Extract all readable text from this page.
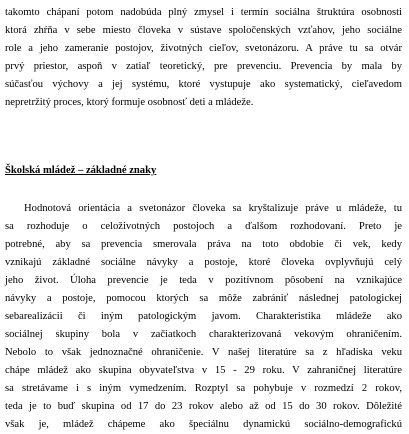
takomto chápaní potom nadobúda plný zmysel i termín sociálna štruktúra osobnosti
ktorá zhŕňa v sebe miesto človeka v sústave spoločenských vzťahov, jeho sociálne
role a jeho zameranie postojov, životných cieľov, svetonázoru. A práve tu sa otvár
prvý priestor, aspoň v zatiaľ teoretický, pre prevenciu. Prevencia by mala by
súčasťou výchovy a jej systému, ktoré vystupuje ako systematický, cieľavedom
nepretržitý proces, ktorý formuje osobnosť deti a mládeže.
Školská mládež – základné znaky
Hodnotová orientácia a svetonázor človeka sa kryštalizuje práve u mládeže, tu
sa rozhoduje o celoživotných postojoch a ďalšom rozhodovaní. Preto je
potrebné, aby sa prevencia smerovala práva na toto obdobie či vek, kedy
vznikajú základné sociálne návyky a postoje, ktoré človeka ovplyvňujú celý
jeho život. Úloha prevencie je teda v pozitívnom pôsobení na vznikajúce
návyky a postoje, pomocou ktorých sa môže zabrániť následnej patologickej
sebarealizácii či iným patologickým javom. Charakteristika mládeže ako
sociálnej skupiny bola v začiatkoch charakterizovaná vekovým ohraničením.
Nebolo to však jednoznačné ohraničenie. V našej literatúre sa z hľadiska veku
chápe mládež ako skupina obyvateľstva v 15 - 29 roku. V zahraničnej literatúre
sa stretávame i s iným vymedzením. Rozptyl sa pohybuje v rozmedzí 2 rokov,
teda je to buď skupina od 17 do 23 rokov alebo až od 15 do 30 rokov. Dôležité
však je, mládež chápeme ako špeciálnu dynamickú sociálno-demografickú
